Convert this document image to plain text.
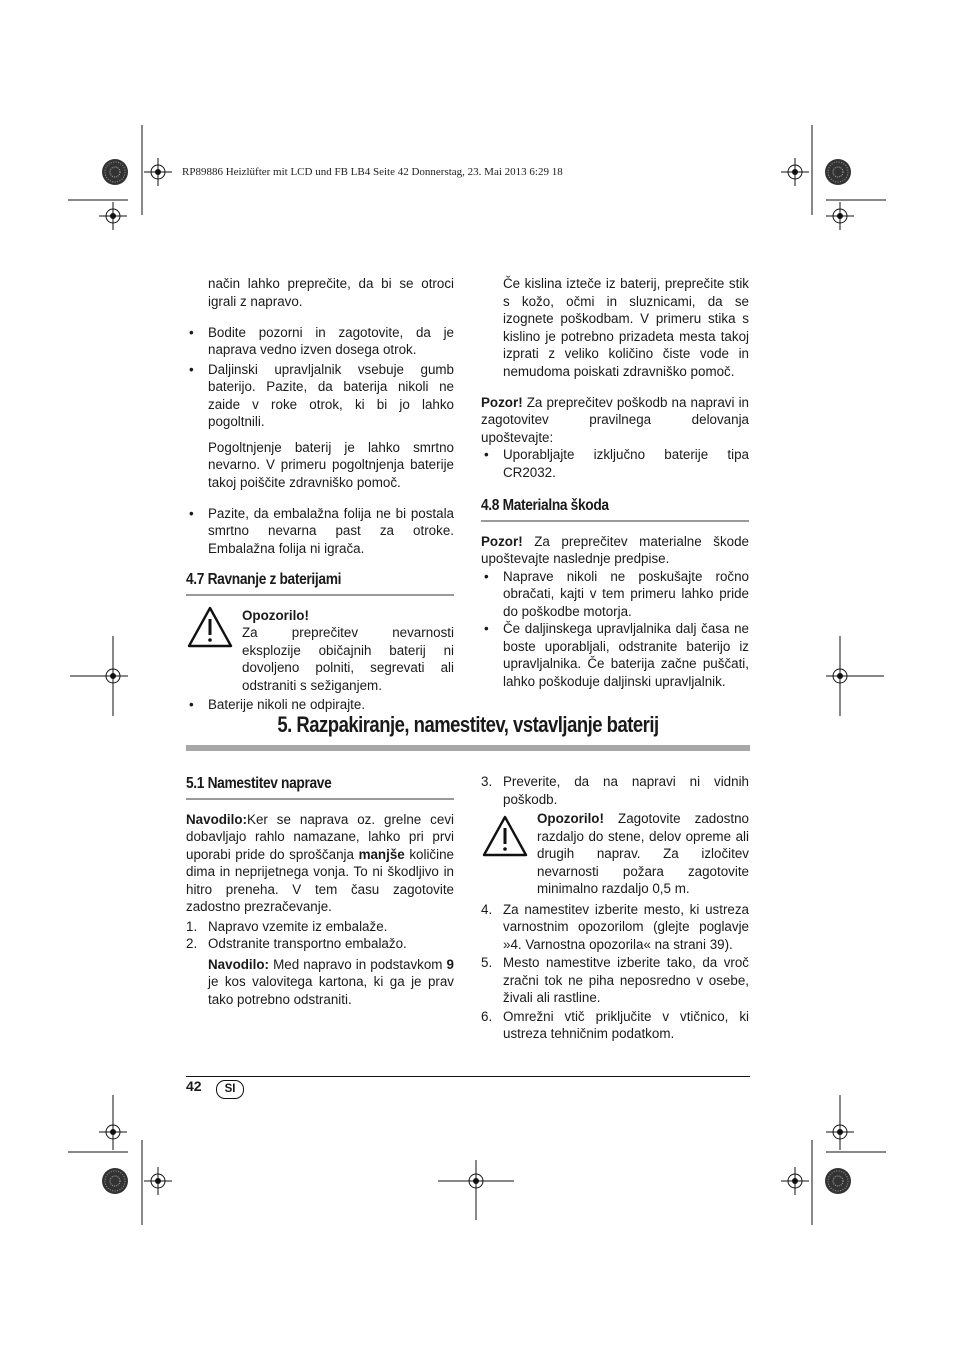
RP89886 Heizlüfter mit LCD und FB LB4 Seite 42 Donnerstag, 23. Mai 2013 6:29 18

način lahko preprečite, da bi se otroci igrali z napravo.

• Bodite pozorni in zagotovite, da je naprava vedno izven dosega otrok.
• Daljinski upravljalnik vsebuje gumb baterijo. Pazite, da baterija nikoli ne zaide v roke otrok, ki bi jo lahko pogoltnili.

Pogoltnjenje baterij je lahko smrtno nevarno. V primeru pogoltnjenja baterije takoj poiščite zdravniško pomoč.

• Pazite, da embalažna folija ne bi postala smrtno nevarna past za otroke. Embalažna folija ni igrača.
4.7 Ravnanje z baterijami
Opozorilo!
Za preprečitev nevarnosti eksplozije običajnih baterij ni dovoljeno polniti, segrevati ali odstraniti s sežiganjem.
• Baterije nikoli ne odpirajte.

Če kislina izteče iz baterij, preprečite stik s kožo, očmi in sluznicami, da se izognete poškodbam. V primeru stika s kislino je potrebno prizadeta mesta takoj izprati z veliko količino čiste vode in nemudoma poiskati zdravniško pomoč.

Pozor! Za preprečitev poškodb na napravi in zagotovitev pravilnega delovanja upoštevajte:

• Uporabljajte izključno baterije tipa CR2032.
4.8 Materialna škoda

Pozor! Za preprečitev materialne škode upoštevajte naslednje predpise.

• Naprave nikoli ne poskušajte ročno obračati, kajti v tem primeru lahko pride do poškodbe motorja.
• Če daljinskega upravljalnika dalj časa ne boste uporabljali, odstranite baterijo iz upravljalnika. Če baterija začne puščati, lahko poškoduje daljinski upravljalnik.
5. Razpakiranje, namestitev, vstavljanje baterij
5.1 Namestitev naprave

Navodilo:Ker se naprava oz. grelne cevi dobavljajo rahlo namazane, lahko pri prvi uporabi pride do sproščanja manjše količine dima in neprijetnega vonja. To ni škodljivo in hitro preneha. V tem času zagotovite zadostno prezračevanje.

1. Napravo vzemite iz embalaže.
2. Odstranite transportno embalažo.

Navodilo: Med napravo in podstavkom 9 je kos valovitega kartona, ki ga je prav tako potrebno odstraniti.

3. Preverite, da na napravi ni vidnih poškodb.
Opozorilo! Zagotovite zadostno razdaljo do stene, delov opreme ali drugih naprav. Za izločitev nevarnosti požara zagotovite minimalno razdaljo 0,5 m.
4. Za namestitev izberite mesto, ki ustreza varnostnim opozorilom (glejte poglavje »4. Varnostna opozorila« na strani 39).
5. Mesto namestitve izberite tako, da vroč zračni tok ne piha neposredno v osebe, živali ali rastline.
6. Omrežni vtič priključite v vtičnico, ki ustreza tehničnim podatkom.
42	SI
